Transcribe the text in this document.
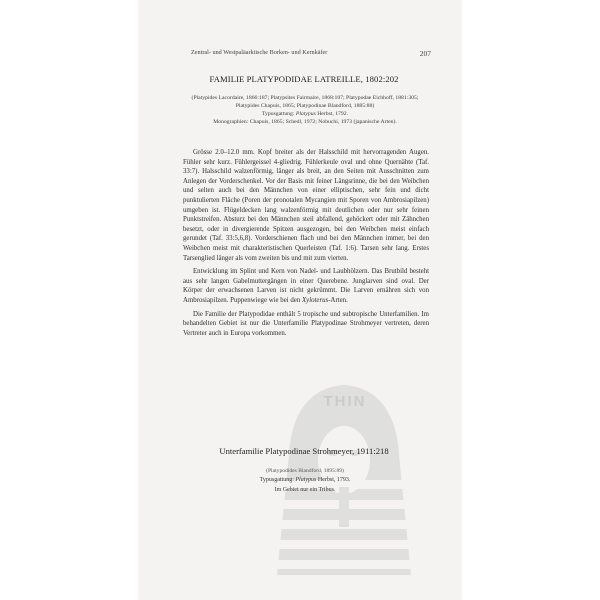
THIN
Zentral- und Westpaläarktische Borken- und Kernkäfer	207
FAMILIE PLATYPODIDAE LATREILLE, 1802:202
(Platypides Lacordaire, 1866:187; Platypsites Fairmaire, 1868:107; Platypodae Eichhoff, 1881:305; Platypides Chapuis, 1865; Platypodinae Blandford, 1885:88)
Typusgattung: Platypus Herbst, 1792.
Monographien: Chapuis, 1865; Schedl, 1972; Nobuchi, 1973 (japanische Arten).

Grösse 2.0–12.0 mm. Kopf breiter als der Halsschild mit hervorragenden Augen. Fühler sehr kurz. Fühlergeissel 4-gliedrig. Fühlerkeule oval und ohne Quernähte (Taf. 33:7). Halsschild walzenförmig, länger als breit, an den Seiten mit Ausschnitten zum Anlegen der Vorderschenkel. Vor der Basis mit feiner Längsrinne, die bei den Weibchen und selten auch bei den Männchen von einer elliptischen, sehr fein und dicht punktulierten Fläche (Poren der pronotalen Mycangien mit Sporen von Ambrosiapilzen) umgeben ist. Flügeldecken lang walzenförmig mit deutlichen oder nur sehr feinen Punktstreifen. Absturz bei den Männchen steil abfallend, gehöckert oder mit Zähnchen besetzt, oder in divergierende Spitzen ausgezogen, bei den Weibchen meist einfach gerundet (Taf. 33:5,6,8). Vorderschienen flach und bei den Männchen immer, bei den Weibchen meist mit charakteristischen Querleisten (Taf. 1:6). Tarsen sehr lang. Erstes Tarsenglied länger als vom zweiten bis und mit zum vierten.

Entwicklung im Splint und Kern von Nadel- und Laubhölzern. Das Brutbild besteht aus sehr langen Gabelmuttergängen in einer Querebene. Junglarven sind oval. Der Körper der erwachsenen Larven ist nicht gekrümmt. Die Larven ernähren sich von Ambrosiapilzen. Puppenwiege wie bei den Xyloterus-Arten.

Die Familie der Platypodidae enthält 5 tropische und subtropische Unterfamilien. Im behandelten Gebiet ist nur die Unterfamilie Platypodinae Strohmeyer vertreten, deren Vertreter auch in Europa vorkommen.

Unterfamilie Platypodinae Strohmeyer, 1911:218
(Platypodides Blandford, 1895:89)
Typusgattung: Platypus Herbst, 1793.
Im Gebiet nur ein Tribus.
